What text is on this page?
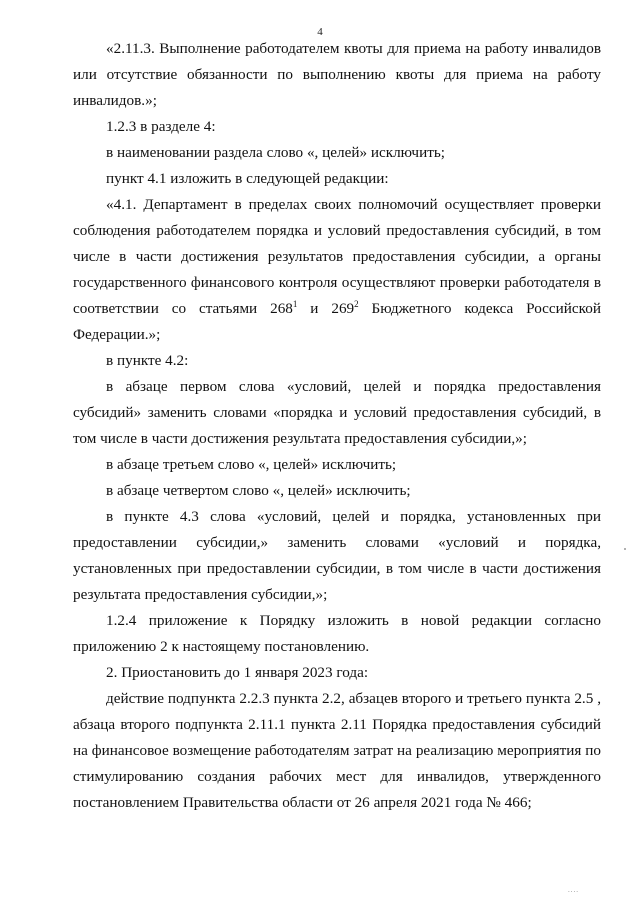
4

«2.11.3. Выполнение работодателем квоты для приема на работу инвалидов или отсутствие обязанности по выполнению квоты для приема на работу инвалидов.»;

1.2.3 в разделе 4:

в наименовании раздела слово «, целей» исключить;

пункт 4.1 изложить в следующей редакции:

«4.1. Департамент в пределах своих полномочий осуществляет проверки соблюдения работодателем порядка и условий предоставления субсидий, в том числе в части достижения результатов предоставления субсидии, а органы государственного финансового контроля осуществляют проверки работодателя в соответствии со статьями $268^1$ и $269^2$ Бюджетного кодекса Российской Федерации.»;

в пункте 4.2:

в абзаце первом слова «условий, целей и порядка предоставления субсидий» заменить словами «порядка и условий предоставления субсидий, в том числе в части достижения результата предоставления субсидии,»;

в абзаце третьем слово «, целей» исключить;

в абзаце четвертом слово «, целей» исключить;

в пункте 4.3 слова «условий, целей и порядка, установленных при предоставлении субсидии,» заменить словами «условий и порядка, установленных при предоставлении субсидии, в том числе в части достижения результата предоставления субсидии,»;

1.2.4 приложение к Порядку изложить в новой редакции согласно приложению 2 к настоящему постановлению.

2. Приостановить до 1 января 2023 года:

действие подпункта 2.2.3 пункта 2.2, абзацев второго и третьего пункта 2.5 , абзаца второго подпункта 2.11.1 пункта 2.11 Порядка предоставления субсидий на финансовое возмещение работодателям затрат на реализацию мероприятия по стимулированию создания рабочих мест для инвалидов, утвержденного постановлением Правительства области от 26 апреля 2021 года № 466;

....
